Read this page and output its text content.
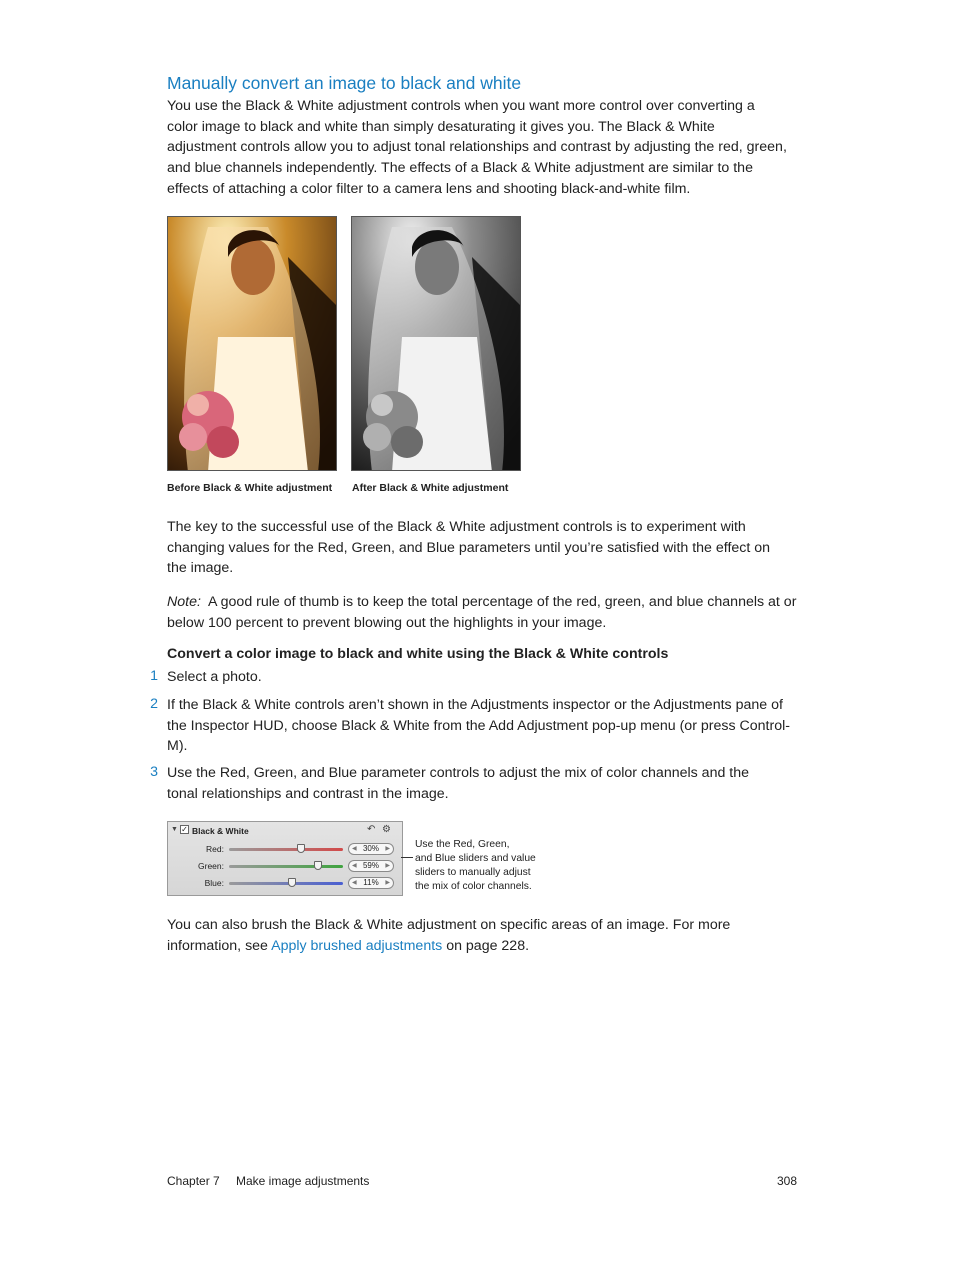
Manually convert an image to black and white

You use the Black & White adjustment controls when you want more control over converting a color image to black and white than simply desaturating it gives you. The Black & White adjustment controls allow you to adjust tonal relationships and contrast by adjusting the red, green, and blue channels independently. The effects of a Black & White adjustment are similar to the effects of attaching a color filter to a camera lens and shooting black-and-white film.

Before Black & White adjustment After Black & White adjustment

The key to the successful use of the Black & White adjustment controls is to experiment with changing values for the Red, Green, and Blue parameters until you’re satisfied with the effect on the image.

Note: A good rule of thumb is to keep the total percentage of the red, green, and blue channels at or below 100 percent to prevent blowing out the highlights in your image.

Convert a color image to black and white using the Black & White controls
1 Select a photo.

2 If the Black & White controls aren’t shown in the Adjustments inspector or the Adjustments pane of the Inspector HUD, choose Black & White from the Add Adjustment pop-up menu (or press Control-M).

3 Use the Red, Green, and Blue parameter controls to adjust the mix of color channels and the tonal relationships and contrast in the image.

▼ ✓ Black & White	↶ ⚙
Red:	◀ 30% ▶
Green:	◀ 59% ▶
Blue:	◀ 11% ▶
Use the Red, Green,
and Blue sliders and value
sliders to manually adjust
the mix of color channels.

You can also brush the Black & White adjustment on specific areas of an image. For more information, see Apply brushed adjustments on page 228.

Chapter 7 Make image adjustments	308
